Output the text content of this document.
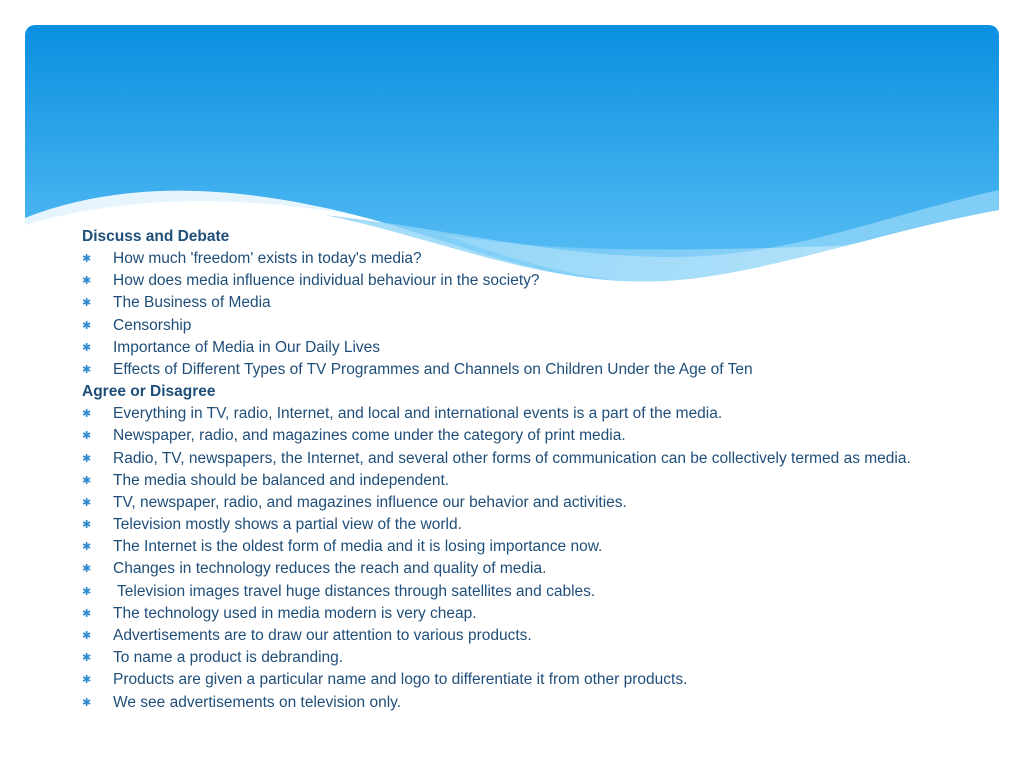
Discuss and Debate
✱ How much 'freedom' exists in today's media?
✱ How does media influence individual behaviour in the society?
✱ The Business of Media
✱ Censorship
✱ Importance of Media in Our Daily Lives
✱ Effects of Different Types of TV Programmes and Channels on Children Under the Age of Ten
Agree or Disagree
✱ Everything in TV, radio, Internet, and local and international events is a part of the media.
✱ Newspaper, radio, and magazines come under the category of print media.
✱ Radio, TV, newspapers, the Internet, and several other forms of communication can be collectively termed as media.
✱ The media should be balanced and independent.
✱ TV, newspaper, radio, and magazines influence our behavior and activities.
✱ Television mostly shows a partial view of the world.
✱ The Internet is the oldest form of media and it is losing importance now.
✱ Changes in technology reduces the reach and quality of media.
✱ Television images travel huge distances through satellites and cables.
✱ The technology used in media modern is very cheap.
✱ Advertisements are to draw our attention to various products.
✱ To name a product is debranding.
✱ Products are given a particular name and logo to differentiate it from other products.
✱ We see advertisements on television only.
